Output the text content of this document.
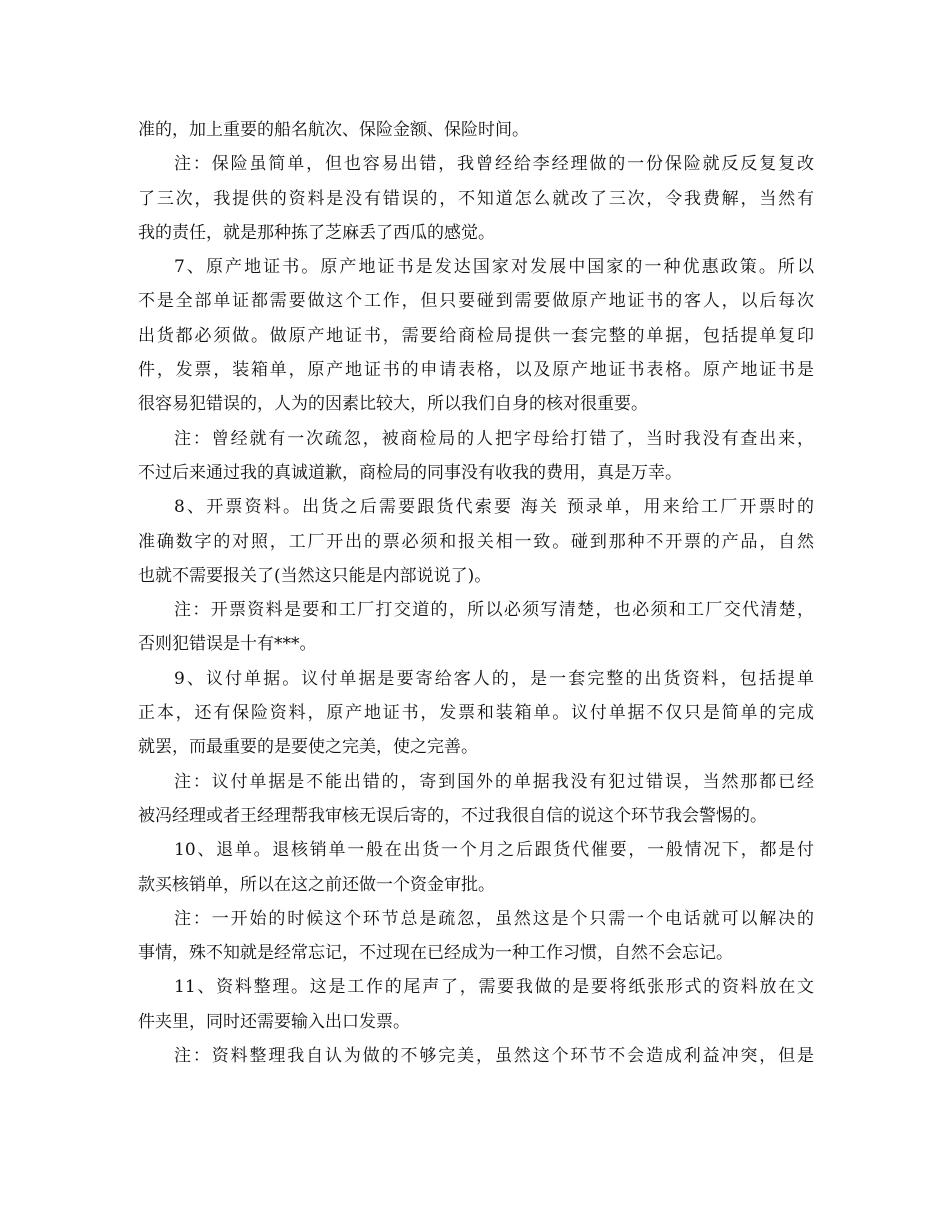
准的，加上重要的船名航次、保险金额、保险时间。
注：保险虽简单，但也容易出错，我曾经给李经理做的一份保险就反反复复改
了三次，我提供的资料是没有错误的，不知道怎么就改了三次，令我费解，当然有
我的责任，就是那种拣了芝麻丢了西瓜的感觉。
7、原产地证书。原产地证书是发达国家对发展中国家的一种优惠政策。所以
不是全部单证都需要做这个工作，但只要碰到需要做原产地证书的客人，以后每次
出货都必须做。做原产地证书，需要给商检局提供一套完整的单据，包括提单复印
件，发票，装箱单，原产地证书的申请表格，以及原产地证书表格。原产地证书是
很容易犯错误的，人为的因素比较大，所以我们自身的核对很重要。
注：曾经就有一次疏忽，被商检局的人把字母给打错了，当时我没有查出来，
不过后来通过我的真诚道歉，商检局的同事没有收我的费用，真是万幸。
8、开票资料。出货之后需要跟货代索要 海关 预录单，用来给工厂开票时的
准确数字的对照，工厂开出的票必须和报关相一致。碰到那种不开票的产品，自然
也就不需要报关了(当然这只能是内部说说了)。
注：开票资料是要和工厂打交道的，所以必须写清楚，也必须和工厂交代清楚，
否则犯错误是十有***。
9、议付单据。议付单据是要寄给客人的，是一套完整的出货资料，包括提单
正本，还有保险资料，原产地证书，发票和装箱单。议付单据不仅只是简单的完成
就罢，而最重要的是要使之完美，使之完善。
注：议付单据是不能出错的，寄到国外的单据我没有犯过错误，当然那都已经
被冯经理或者王经理帮我审核无误后寄的，不过我很自信的说这个环节我会警惕的。
10、退单。退核销单一般在出货一个月之后跟货代催要，一般情况下，都是付
款买核销单，所以在这之前还做一个资金审批。
注：一开始的时候这个环节总是疏忽，虽然这是个只需一个电话就可以解决的
事情，殊不知就是经常忘记，不过现在已经成为一种工作习惯，自然不会忘记。
11、资料整理。这是工作的尾声了，需要我做的是要将纸张形式的资料放在文
件夹里，同时还需要输入出口发票。
注：资料整理我自认为做的不够完美，虽然这个环节不会造成利益冲突，但是
